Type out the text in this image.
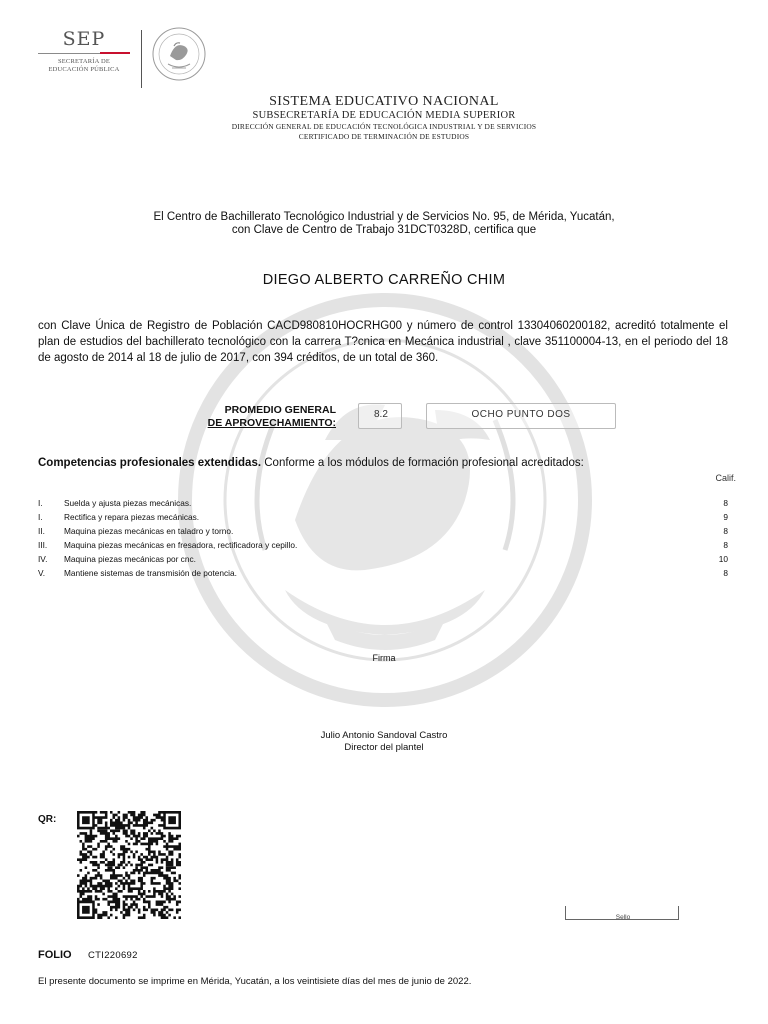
SEP
SECRETARÍA DE
EDUCACIÓN PÚBLICA
SISTEMA EDUCATIVO NACIONAL
SUBSECRETARÍA DE EDUCACIÓN MEDIA SUPERIOR
DIRECCIÓN GENERAL DE EDUCACIÓN TECNOLÓGICA INDUSTRIAL Y DE SERVICIOS
CERTIFICADO DE TERMINACIÓN DE ESTUDIOS
El Centro de Bachillerato Tecnológico Industrial y de Servicios No. 95, de Mérida, Yucatán,
con Clave de Centro de Trabajo 31DCT0328D, certifica que
DIEGO ALBERTO CARREÑO CHIM
con Clave Única de Registro de Población CACD980810HOCRHG00 y número de control 13304060200182, acreditó totalmente el plan de estudios del bachillerato tecnológico con la carrera T?cnica en Mecánica industrial , clave 351100004-13, en el periodo del 18 de agosto de 2014 al 18 de julio de 2017, con 394 créditos, de un total de 360.
PROMEDIO GENERAL
DE APROVECHAMIENTO:
8.2	OCHO PUNTO DOS
Competencias profesionales extendidas. Conforme a los módulos de formación profesional acreditados:
Calif.
I.	Suelda y ajusta piezas mecánicas.	8
I.	Rectifica y repara piezas mecánicas.	9
II.	Maquina piezas mecánicas en taladro y torno.	8
III.	Maquina piezas mecánicas en fresadora, rectificadora y cepillo.	8
IV.	Maquina piezas mecánicas por cnc.	10
V.	Mantiene sistemas de transmisión de potencia.	8
Firma
Julio Antonio Sandoval Castro
Director del plantel
QR:
Sello
FOLIO CTI220692
El presente documento se imprime en Mérida, Yucatán, a los veintisiete días del mes de junio de 2022.
